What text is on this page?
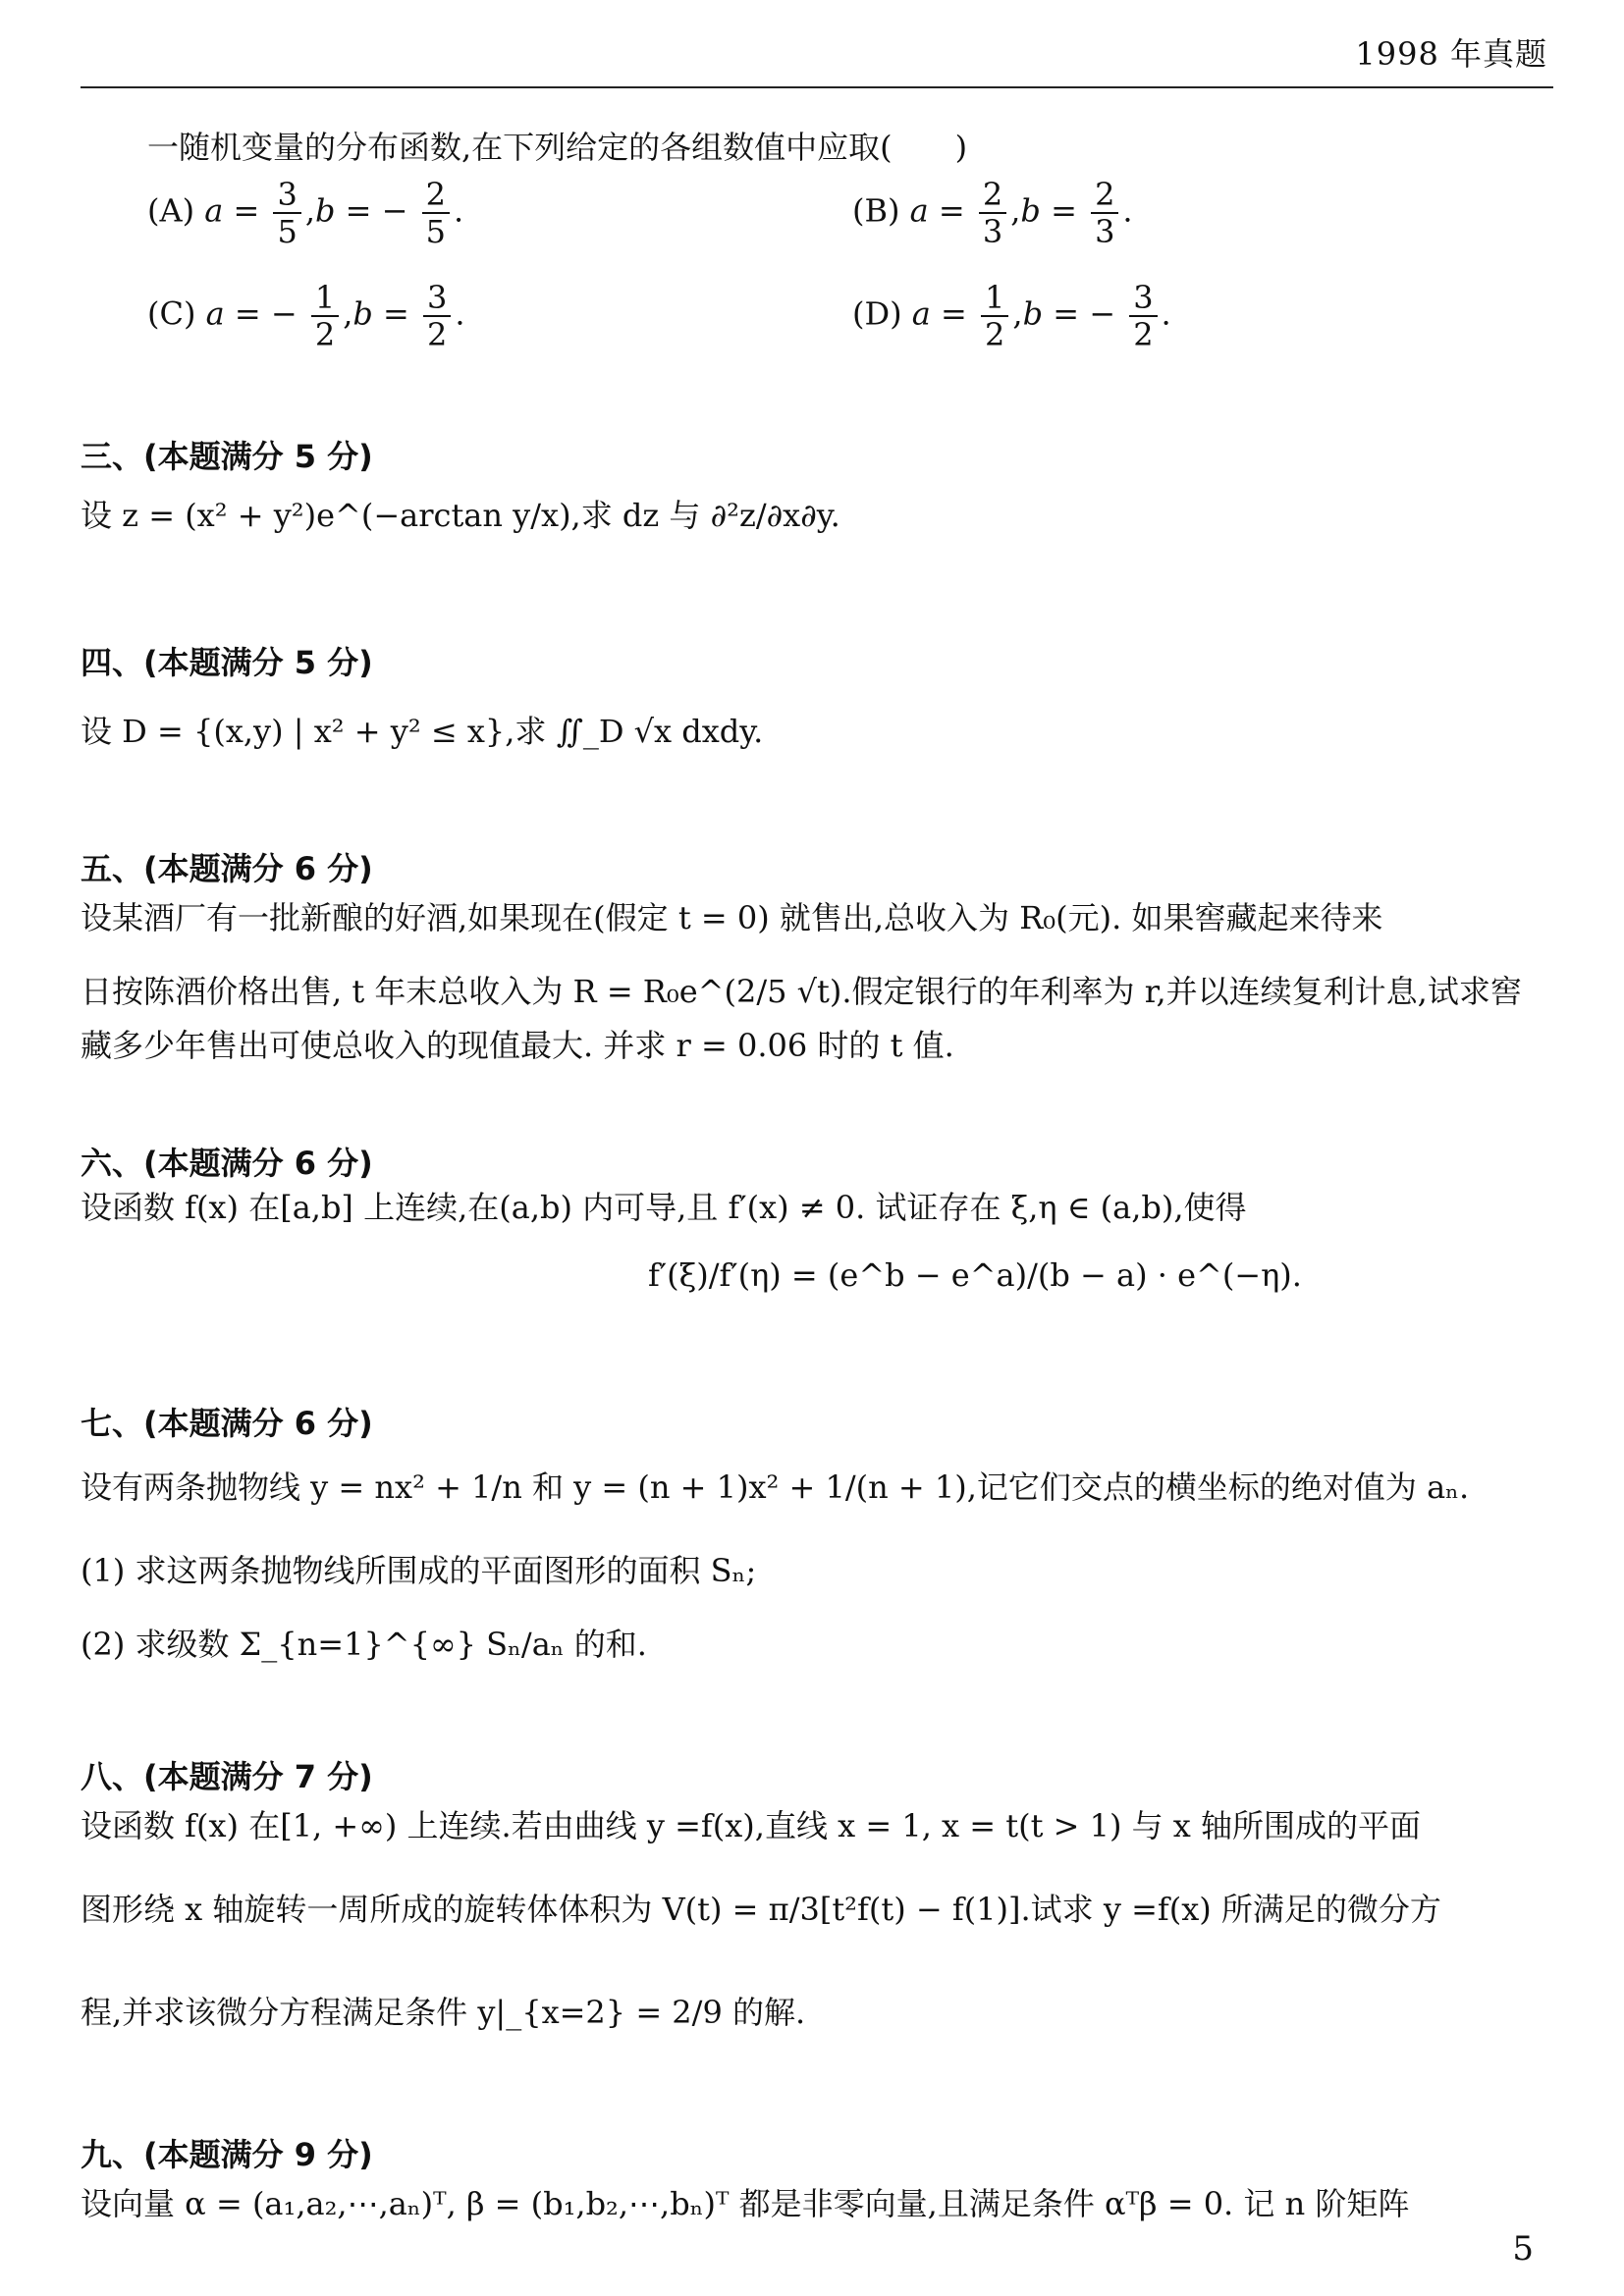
1998 年真题
一随机变量的分布函数,在下列给定的各组数值中应取(　　)
(A) $a = \frac{3}{5} ,b$ = − $\frac{2}{5}$ .	(B) $a = \frac{2}{3} ,b = \frac{2}{3}$ .
(C) a = − $\frac{1}{2} ,b = \frac{3}{2}$ .	(D) $a = \frac{1}{2} ,b$ = − $\frac{3}{2}$ .
三、(本题满分 5 分)
设 z = (x² + y²)e^(−arctan y/x),求 dz 与 ∂²z/∂x∂y.
四、(本题满分 5 分)
设 D = {(x,y) | x² + y² ≤ x},求 ∬_D √x dxdy.
五、(本题满分 6 分)
设某酒厂有一批新酿的好酒,如果现在(假定 t = 0) 就售出,总收入为 R₀(元). 如果窖藏起来待来
日按陈酒价格出售, t 年末总收入为 R = R₀e^(2/5 √t).假定银行的年利率为 r,并以连续复利计息,试求窖
藏多少年售出可使总收入的现值最大. 并求 r = 0.06 时的 t 值.
六、(本题满分 6 分)
设函数 f(x) 在[a,b] 上连续,在(a,b) 内可导,且 f′(x) ≠ 0. 试证存在 ξ,η ∈ (a,b),使得
f′(ξ)/f′(η) = (e^b − e^a)/(b − a) · e^(−η).
七、(本题满分 6 分)
设有两条抛物线 y = nx² + 1/n 和 y = (n + 1)x² + 1/(n + 1),记它们交点的横坐标的绝对值为 aₙ.
(1) 求这两条抛物线所围成的平面图形的面积 Sₙ;
(2) 求级数 Σ_{n=1}^{∞} Sₙ/aₙ 的和.
八、(本题满分 7 分)
设函数 f(x) 在[1, +∞) 上连续.若由曲线 y =f(x),直线 x = 1, x = t(t > 1) 与 x 轴所围成的平面
图形绕 x 轴旋转一周所成的旋转体体积为 V(t) = π/3[t²f(t) − f(1)].试求 y =f(x) 所满足的微分方
程,并求该微分方程满足条件 y|_{x=2} = 2/9 的解.
九、(本题满分 9 分)
设向量 α = (a₁,a₂,⋯,aₙ)ᵀ, β = (b₁,b₂,⋯,bₙ)ᵀ 都是非零向量,且满足条件 αᵀβ = 0. 记 n 阶矩阵
5
